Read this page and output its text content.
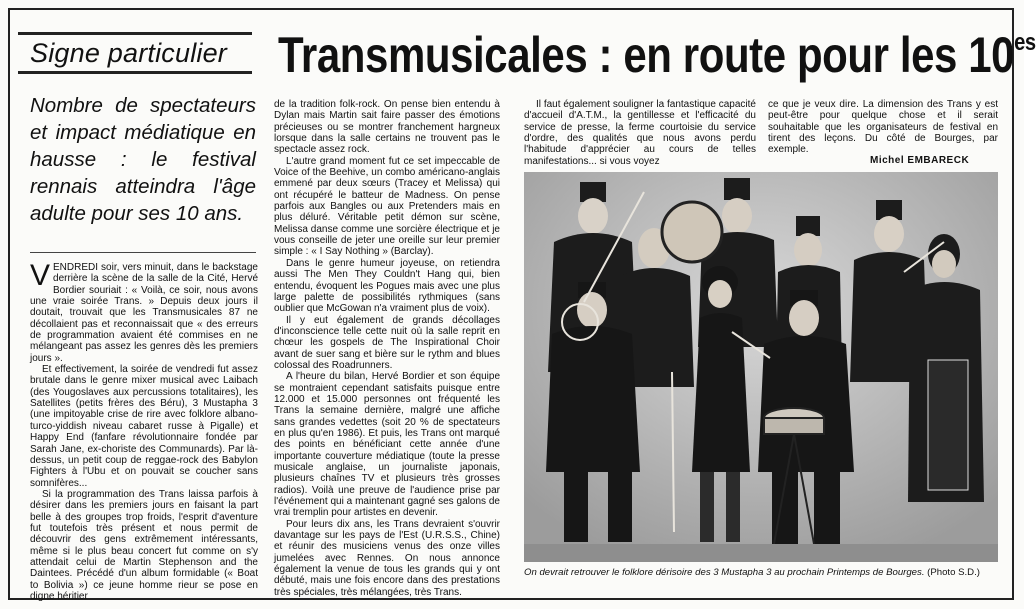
Signe particulier Transmusicales : en route pour les $10^{es}$
Nombre de spectateurs et impact médiatique en hausse : le festival rennais atteindra l'âge adulte pour ses 10 ans.

VENDREDI soir, vers minuit, dans le backstage derrière la scène de la salle de la Cité, Hervé Bordier souriait : « Voilà, ce soir, nous avons une vraie soirée Trans. » Depuis deux jours il doutait, trouvait que les Transmusicales 87 ne décollaient pas et reconnaissait que « des erreurs de programmation avaient été commises en ne mélangeant pas assez les genres dès les premiers jours ».

Et effectivement, la soirée de vendredi fut assez brutale dans le genre mixer musical avec Laibach (des Yougoslaves aux percussions totalitaires), les Satellites (petits frères des Béru), 3 Mustapha 3 (une impitoyable crise de rire avec folklore albano-turco-yiddish niveau cabaret russe à Pigalle) et Happy End (fanfare révolutionnaire fondée par Sarah Jane, ex-choriste des Communards). Par là-dessus, un petit coup de reggae-rock des Babylon Fighters à l'Ubu et on pouvait se coucher sans somnifères...

Si la programmation des Trans laissa parfois à désirer dans les premiers jours en faisant la part belle à des groupes trop froids, l'esprit d'aventure fut toutefois très présent et nous permit de découvrir des gens extrêmement intéressants, même si le plus beau concert fut comme on s'y attendait celui de Martin Stephenson and the Daintees. Précédé d'un album formidable (« Boat to Bolivia ») ce jeune homme rieur se pose en digne héritier

de la tradition folk-rock. On pense bien entendu à Dylan mais Martin sait faire passer des émotions précieuses ou se montrer franchement hargneux lorsque dans la salle certains ne trouvent pas le spectacle assez rock.

L'autre grand moment fut ce set impeccable de Voice of the Beehive, un combo américano-anglais emmené par deux sœurs (Tracey et Melissa) qui ont récupéré le batteur de Madness. On pense parfois aux Bangles ou aux Pretenders mais en plus déluré. Véritable petit démon sur scène, Melissa danse comme une sorcière électrique et je vous conseille de jeter une oreille sur leur premier simple : « I Say Nothing » (Barclay).

Dans le genre humeur joyeuse, on retiendra aussi The Men They Couldn't Hang qui, bien entendu, évoquent les Pogues mais avec une plus large palette de possibilités rythmiques (sans oublier que McGowan n'a vraiment plus de voix).

Il y eut également de grands décollages d'inconscience telle cette nuit où la salle reprit en chœur les gospels de The Inspirational Choir avant de suer sang et bière sur le rythm and blues colossal des Roadrunners.

A l'heure du bilan, Hervé Bordier et son équipe se montraient cependant satisfaits puisque entre 12.000 et 15.000 personnes ont fréquenté les Trans la semaine dernière, malgré une affiche sans grandes vedettes (soit 20 % de spectateurs en plus qu'en 1986). Et puis, les Trans ont marqué des points en bénéficiant cette année d'une importante couverture médiatique (toute la presse musicale anglaise, un journaliste japonais, plusieurs chaînes TV et plusieurs très grosses radios). Voilà une preuve de l'audience prise par l'événement qui a maintenant gagné ses galons de vrai tremplin pour artistes en devenir.

Pour leurs dix ans, les Trans devraient s'ouvrir davantage sur les pays de l'Est (U.R.S.S., Chine) et réunir des musiciens venus des onze villes jumelées avec Rennes. On nous annonce également la venue de tous les grands qui y ont débuté, mais une fois encore dans des prestations très spéciales, très mélangées, très Trans.

Il faut également souligner la fantastique capacité d'accueil d'A.T.M., la gentillesse et l'efficacité du service de presse, la ferme courtoisie du service d'ordre, des qualités que nous avons perdu l'habitude d'apprécier au cours de telles manifestations... si vous voyez

ce que je veux dire. La dimension des Trans y est peut-être pour quelque chose et il serait souhaitable que les organisateurs de festival en tirent des leçons. Du côté de Bourges, par exemple.

Michel EMBARECK
On devrait retrouver le folklore dérisoire des 3 Mustapha 3 au prochain Printemps de Bourges. (Photo S.D.)
